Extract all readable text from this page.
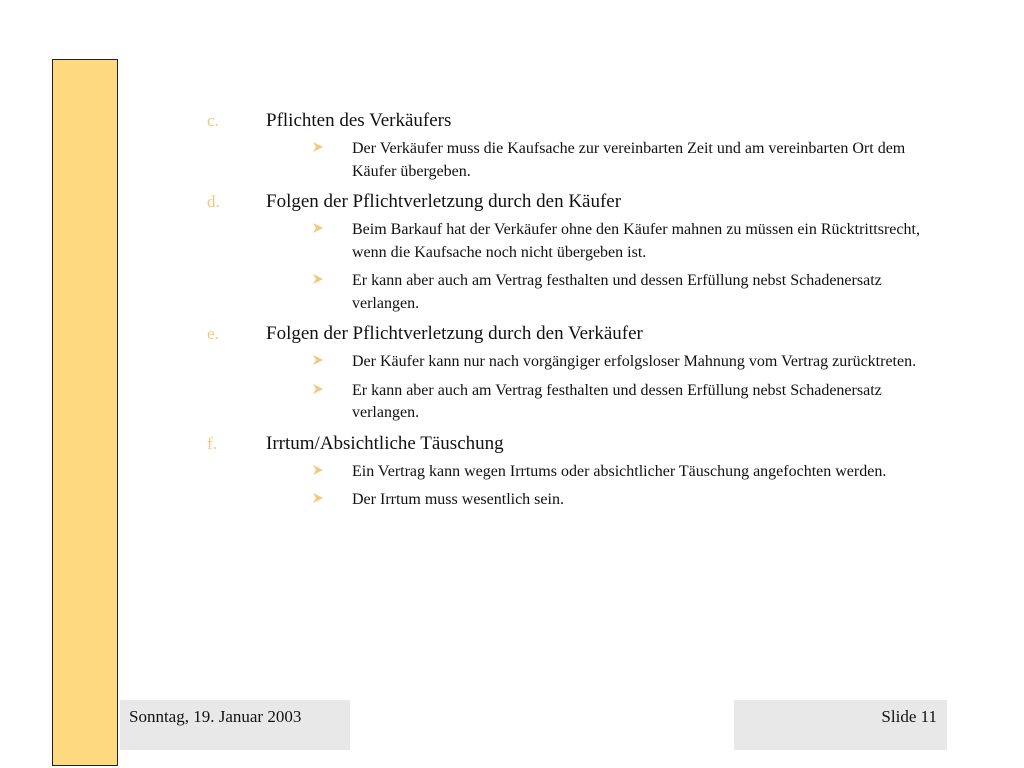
c.	Pflichten des Verkäufers
Der Verkäufer muss die Kaufsache zur vereinbarten Zeit und am vereinbarten Ort dem Käufer übergeben.
d.	Folgen der Pflichtverletzung durch den Käufer
Beim Barkauf hat der Verkäufer ohne den Käufer mahnen zu müssen ein Rücktrittsrecht, wenn die Kaufsache noch nicht übergeben ist.
Er kann aber auch am Vertrag festhalten und dessen Erfüllung nebst Schadenersatz verlangen.
e.	Folgen der Pflichtverletzung durch den Verkäufer
Der Käufer kann nur nach vorgängiger erfolgsloser Mahnung vom Vertrag zurücktreten.
Er kann aber auch am Vertrag festhalten und dessen Erfüllung nebst Schadenersatz verlangen.
f.	Irrtum/Absichtliche Täuschung
Ein Vertrag kann wegen Irrtums oder absichtlicher Täuschung angefochten werden.
Der Irrtum muss wesentlich sein.
Sonntag, 19. Januar 2003	Slide 11
